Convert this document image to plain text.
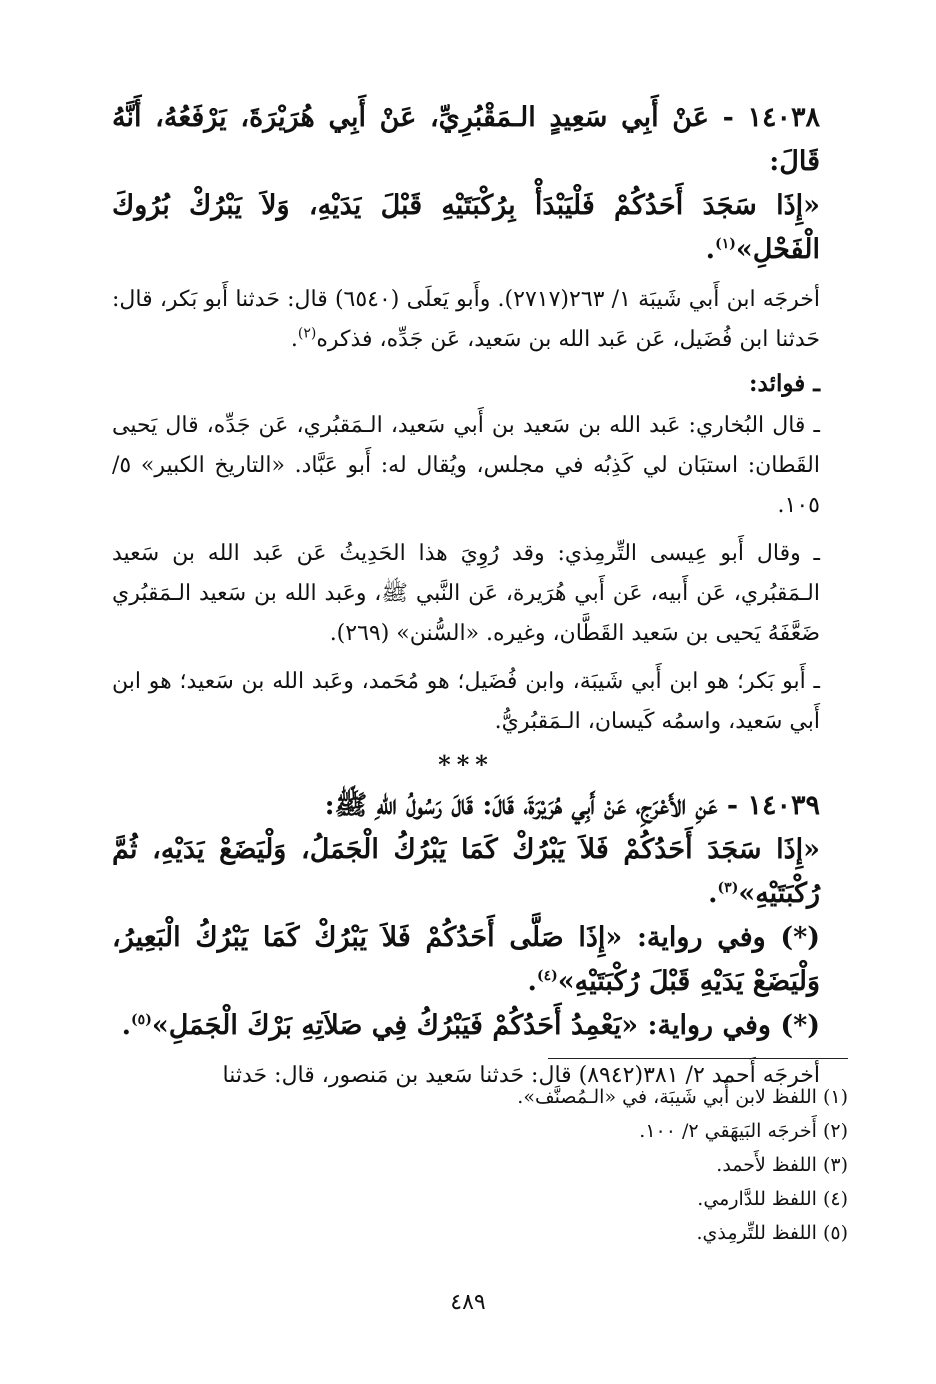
١٤٠٣٨ - عَنْ أَبِي سَعِيدٍ الـمَقْبُرِيِّ، عَنْ أَبِي هُرَيْرَةَ، يَرْفَعُهُ، أَنَّهُ قَالَ:

«إِذَا سَجَدَ أَحَدُكُمْ فَلْيَبْدَأْ بِرُكْبَتَيْهِ قَبْلَ يَدَيْهِ، وَلاَ يَبْرُكْ بُرُوكَ الْفَحْلِ»$^{(١)}$.

أخرجَه ابن أَبي شَيبَة ١/ ٢٦٣(٢٧١٧). وأَبو يَعلَى (٦٥٤٠) قال: حَدثنا أَبو بَكر، قال: حَدثنا ابن فُضَيل، عَن عَبد الله بن سَعيد، عَن جَدِّه، فذكره$^{(٢)}$.

ـ فوائد:

ـ قال البُخاري: عَبد الله بن سَعيد بن أَبي سَعيد، الـمَقبُري، عَن جَدِّه، قال يَحيى القَطان: استبَان لي كَذِبُه في مجلس، ويُقال له: أَبو عَبَّاد. «التاريخ الكبير» ٥/ ١٠٥.

ـ وقال أَبو عِيسى التِّرمِذي: وقد رُوِيَ هذا الحَدِيثُ عَن عَبد الله بن سَعيد الـمَقبُري، عَن أَبيه، عَن أَبي هُرَيرة، عَن النَّبي ﷺ، وعَبد الله بن سَعيد الـمَقبُري ضَعَّفَهُ يَحيى بن سَعيد القَطَّان، وغيره. «السُّنن» (٢٦٩).

ـ أَبو بَكر؛ هو ابن أَبي شَيبَة، وابن فُضَيل؛ هو مُحَمد، وعَبد الله بن سَعيد؛ هو ابن أَبي سَعيد، واسمُه كَيسان، الـمَقبُريُّ.

***

١٤٠٣٩ - عَنِ الأَعْرَجِ، عَنْ أَبِي هُرَيْرَةَ، قَالَ: قَالَ رَسُولُ اللهِ ﷺ:

«إِذَا سَجَدَ أَحَدُكُمْ فَلاَ يَبْرُكْ كَمَا يَبْرُكُ الْجَمَلُ، وَلْيَضَعْ يَدَيْهِ، ثُمَّ رُكْبَتَيْهِ»$^{(٣)}$.

(*) وفي رواية: «إِذَا صَلَّى أَحَدُكُمْ فَلاَ يَبْرُكْ كَمَا يَبْرُكُ الْبَعِيرُ، وَلْيَضَعْ يَدَيْهِ قَبْلَ رُكْبَتَيْهِ»$^{(٤)}$.

(*) وفي رواية: «يَعْمِدُ أَحَدُكُمْ فَيَبْرُكُ فِي صَلاَتِهِ بَرْكَ الْجَمَلِ»$^{(٥)}$.

أخرجَه أَحمد ٢/ ٣٨١(٨٩٤٢) قال: حَدثنا سَعيد بن مَنصور، قال: حَدثنا

(١) اللفظ لابن أَبي شَيبَة، في «الـمُصنَّف».
(٢) أَخرجَه البَيهَقي ٢/ ١٠٠.
(٣) اللفظ لأَحمد.
(٤) اللفظ للدَّارمي.
(٥) اللفظ للتِّرمِذي.
٤٨٩
